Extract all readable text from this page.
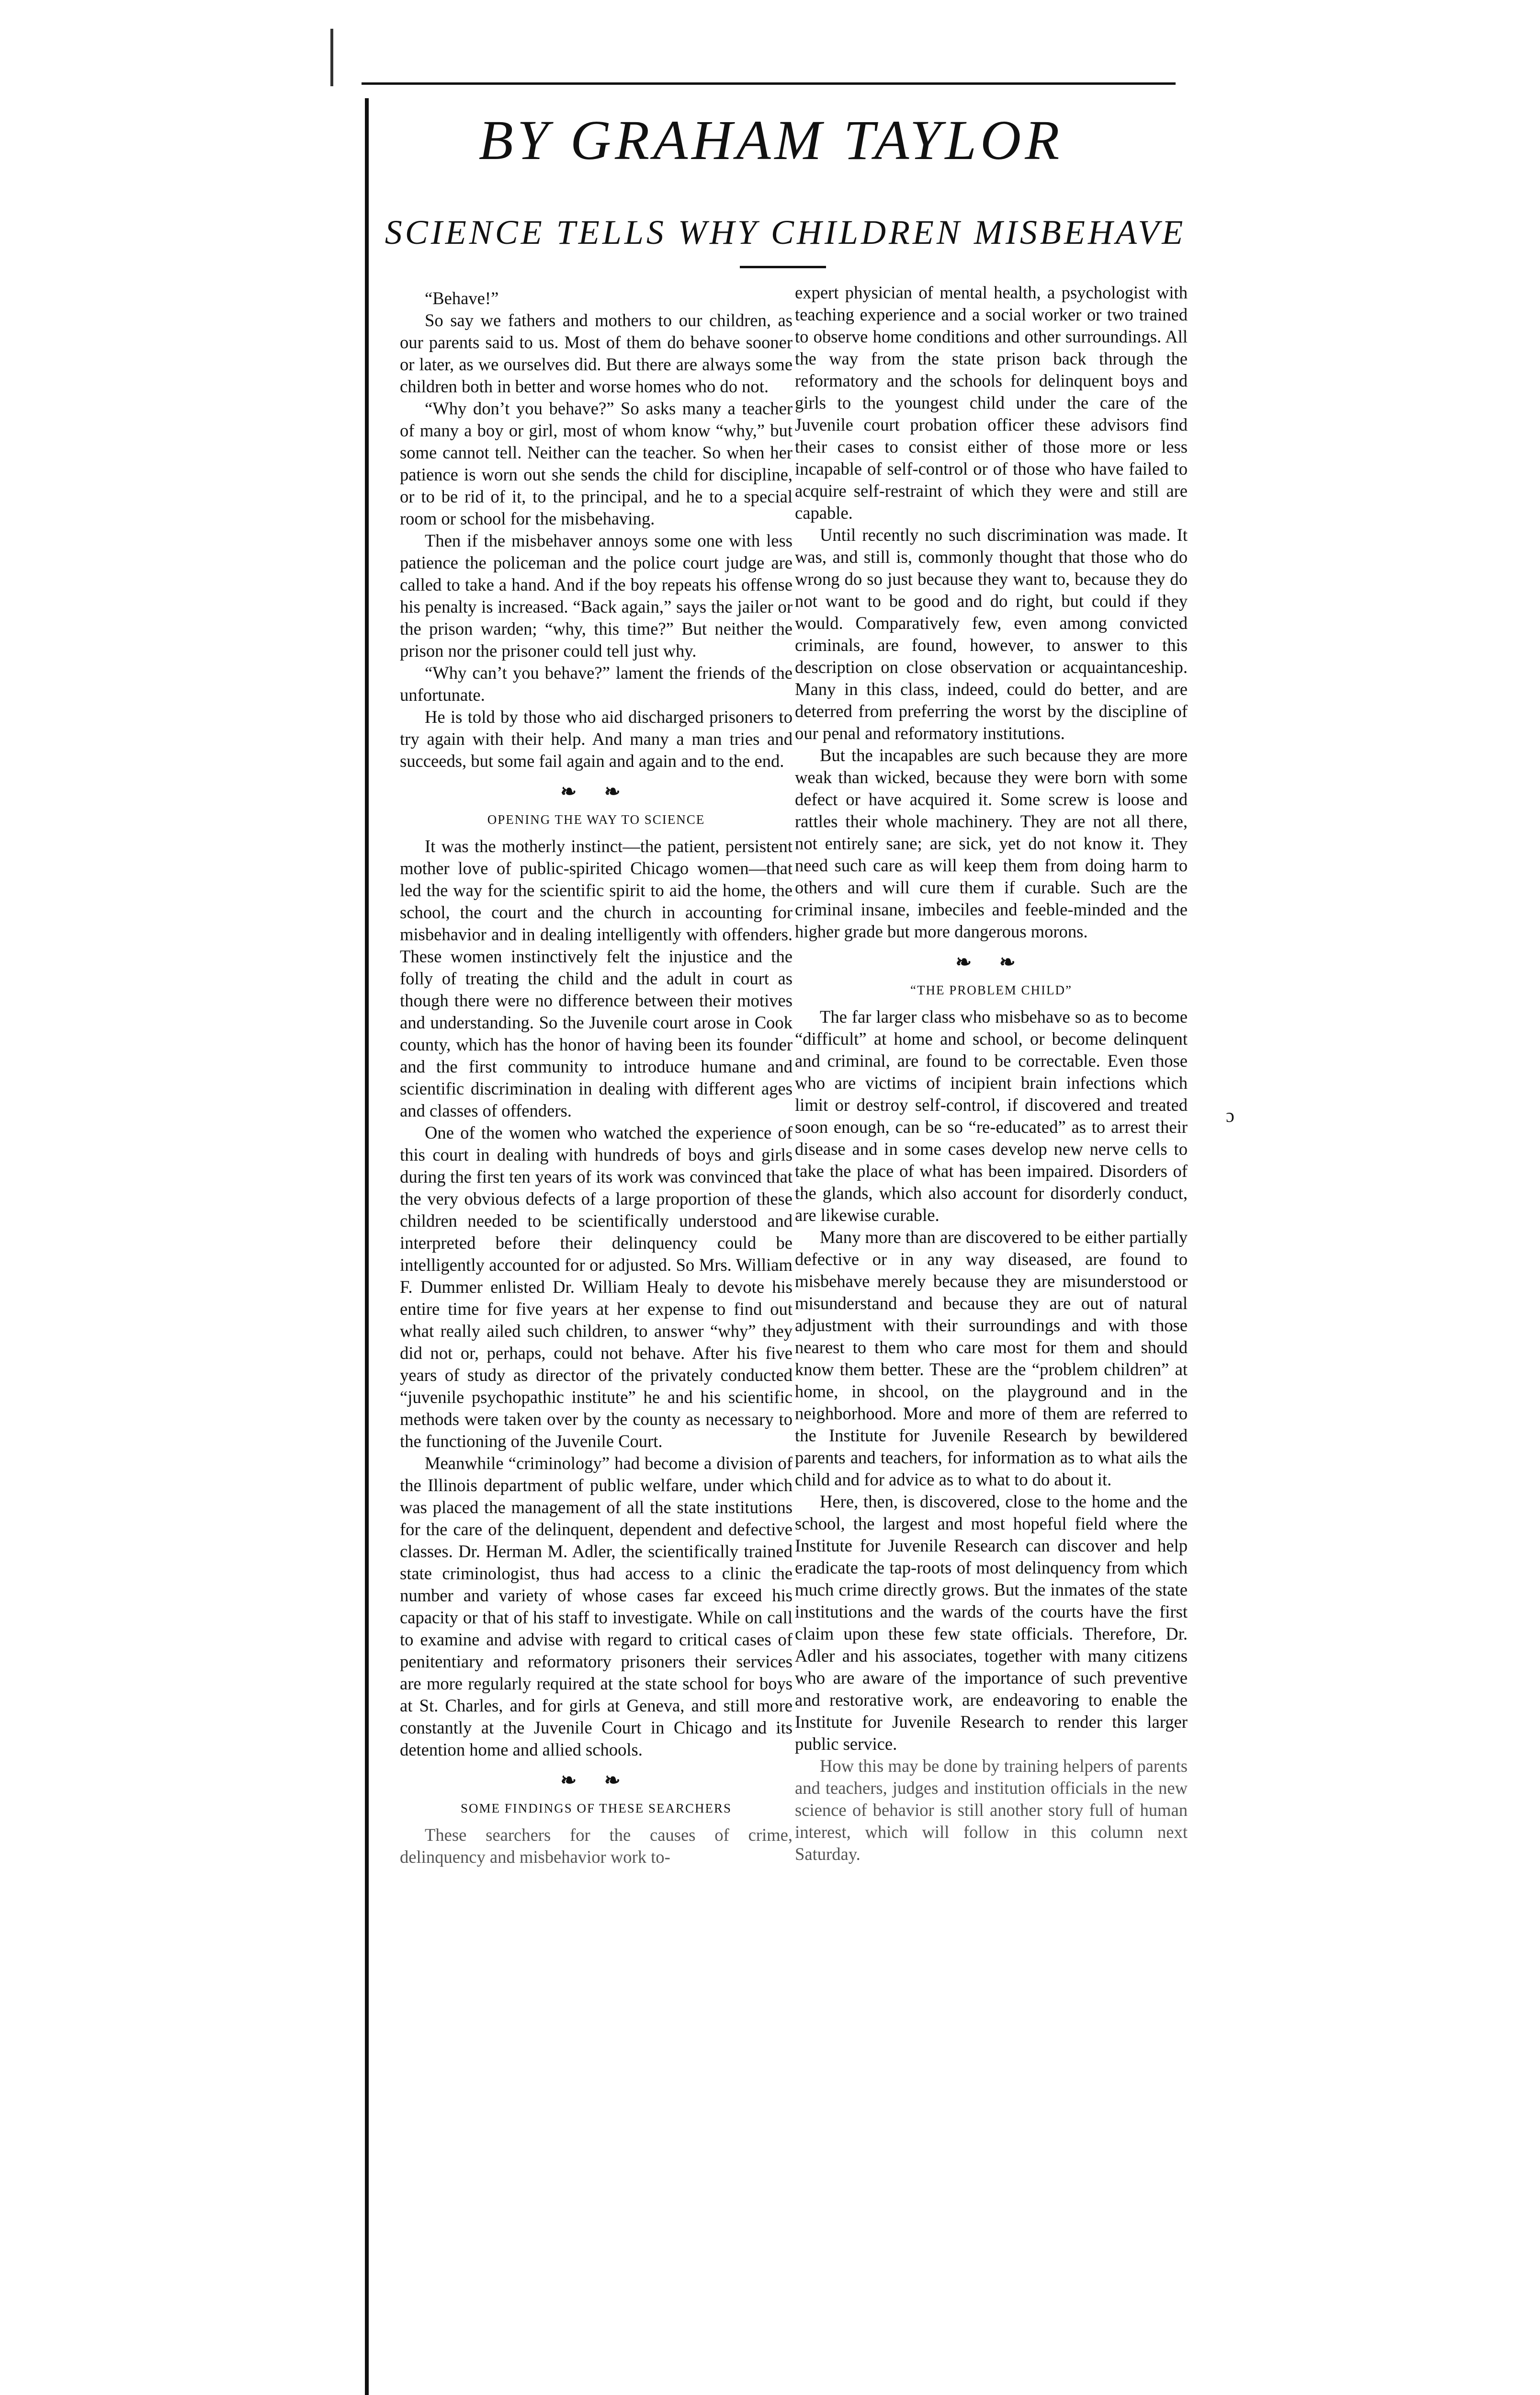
BY GRAHAM TAYLOR
SCIENCE TELLS WHY CHILDREN MISBEHAVE

“Behave!”

So say we fathers and mothers to our children, as our parents said to us. Most of them do behave sooner or later, as we ourselves did. But there are always some children both in better and worse homes who do not.

“Why don’t you behave?” So asks many a teacher of many a boy or girl, most of whom know “why,” but some cannot tell. Neither can the teacher. So when her patience is worn out she sends the child for discipline, or to be rid of it, to the principal, and he to a special room or school for the misbehaving.

Then if the misbehaver annoys some one with less patience the policeman and the police court judge are called to take a hand. And if the boy repeats his offense his penalty is increased. “Back again,” says the jailer or the prison warden; “why, this time?” But neither the prison nor the prisoner could tell just why.

“Why can’t you behave?” lament the friends of the unfortunate.

He is told by those who aid discharged prisoners to try again with their help. And many a man tries and succeeds, but some fail again and again and to the end.

❧ ❧
OPENING THE WAY TO SCIENCE

It was the motherly instinct—the patient, persistent mother love of public-spirited Chicago women—that led the way for the scientific spirit to aid the home, the school, the court and the church in accounting for misbehavior and in dealing intelligently with offenders. These women instinctively felt the injustice and the folly of treating the child and the adult in court as though there were no difference between their motives and understanding. So the Juvenile court arose in Cook county, which has the honor of having been its founder and the first community to introduce humane and scientific discrimination in dealing with different ages and classes of offenders.

One of the women who watched the experience of this court in dealing with hundreds of boys and girls during the first ten years of its work was convinced that the very obvious defects of a large proportion of these children needed to be scientifically understood and interpreted before their delinquency could be intelligently accounted for or adjusted. So Mrs. William F. Dummer enlisted Dr. William Healy to devote his entire time for five years at her expense to find out what really ailed such children, to answer “why” they did not or, perhaps, could not behave. After his five years of study as director of the privately conducted “juvenile psychopathic institute” he and his scientific methods were taken over by the county as necessary to the functioning of the Juvenile Court.

Meanwhile “criminology” had become a division of the Illinois department of public welfare, under which was placed the management of all the state institutions for the care of the delinquent, dependent and defective classes. Dr. Herman M. Adler, the scientifically trained state criminologist, thus had access to a clinic the number and variety of whose cases far exceed his capacity or that of his staff to investigate. While on call to examine and advise with regard to critical cases of penitentiary and reformatory prisoners their services are more regularly required at the state school for boys at St. Charles, and for girls at Geneva, and still more constantly at the Juvenile Court in Chicago and its detention home and allied schools.

❧ ❧
SOME FINDINGS OF THESE SEARCHERS

These searchers for the causes of crime, delinquency and misbehavior work to-

expert physician of mental health, a psychologist with teaching experience and a social worker or two trained to observe home conditions and other surroundings. All the way from the state prison back through the reformatory and the schools for delinquent boys and girls to the youngest child under the care of the Juvenile court probation officer these advisors find their cases to consist either of those more or less incapable of self-control or of those who have failed to acquire self-restraint of which they were and still are capable.

Until recently no such discrimination was made. It was, and still is, commonly thought that those who do wrong do so just because they want to, because they do not want to be good and do right, but could if they would. Comparatively few, even among convicted criminals, are found, however, to answer to this description on close observation or acquaintanceship. Many in this class, indeed, could do better, and are deterred from preferring the worst by the discipline of our penal and reformatory institutions.

But the incapables are such because they are more weak than wicked, because they were born with some defect or have acquired it. Some screw is loose and rattles their whole machinery. They are not all there, not entirely sane; are sick, yet do not know it. They need such care as will keep them from doing harm to others and will cure them if curable. Such are the criminal insane, imbeciles and feeble-minded and the higher grade but more dangerous morons.

❧ ❧
“THE PROBLEM CHILD”

The far larger class who misbehave so as to become “difficult” at home and school, or become delinquent and criminal, are found to be correctable. Even those who are victims of incipient brain infections which limit or destroy self-control, if discovered and treated soon enough, can be so “re-educated” as to arrest their disease and in some cases develop new nerve cells to take the place of what has been impaired. Disorders of the glands, which also account for disorderly conduct, are likewise curable.

Many more than are discovered to be either partially defective or in any way diseased, are found to misbehave merely because they are misunderstood or misunderstand and because they are out of natural adjustment with their surroundings and with those nearest to them who care most for them and should know them better. These are the “problem children” at home, in shcool, on the playground and in the neighborhood. More and more of them are referred to the Institute for Juvenile Research by bewildered parents and teachers, for information as to what ails the child and for advice as to what to do about it.

Here, then, is discovered, close to the home and the school, the largest and most hopeful field where the Institute for Juvenile Research can discover and help eradicate the tap-roots of most delinquency from which much crime directly grows. But the inmates of the state institutions and the wards of the courts have the first claim upon these few state officials. Therefore, Dr. Adler and his associates, together with many citizens who are aware of the importance of such preventive and restorative work, are endeavoring to enable the Institute for Juvenile Research to render this larger public service.

How this may be done by training helpers of parents and teachers, judges and institution officials in the new science of behavior is still another story full of human interest, which will follow in this column next Saturday.

ɔ
